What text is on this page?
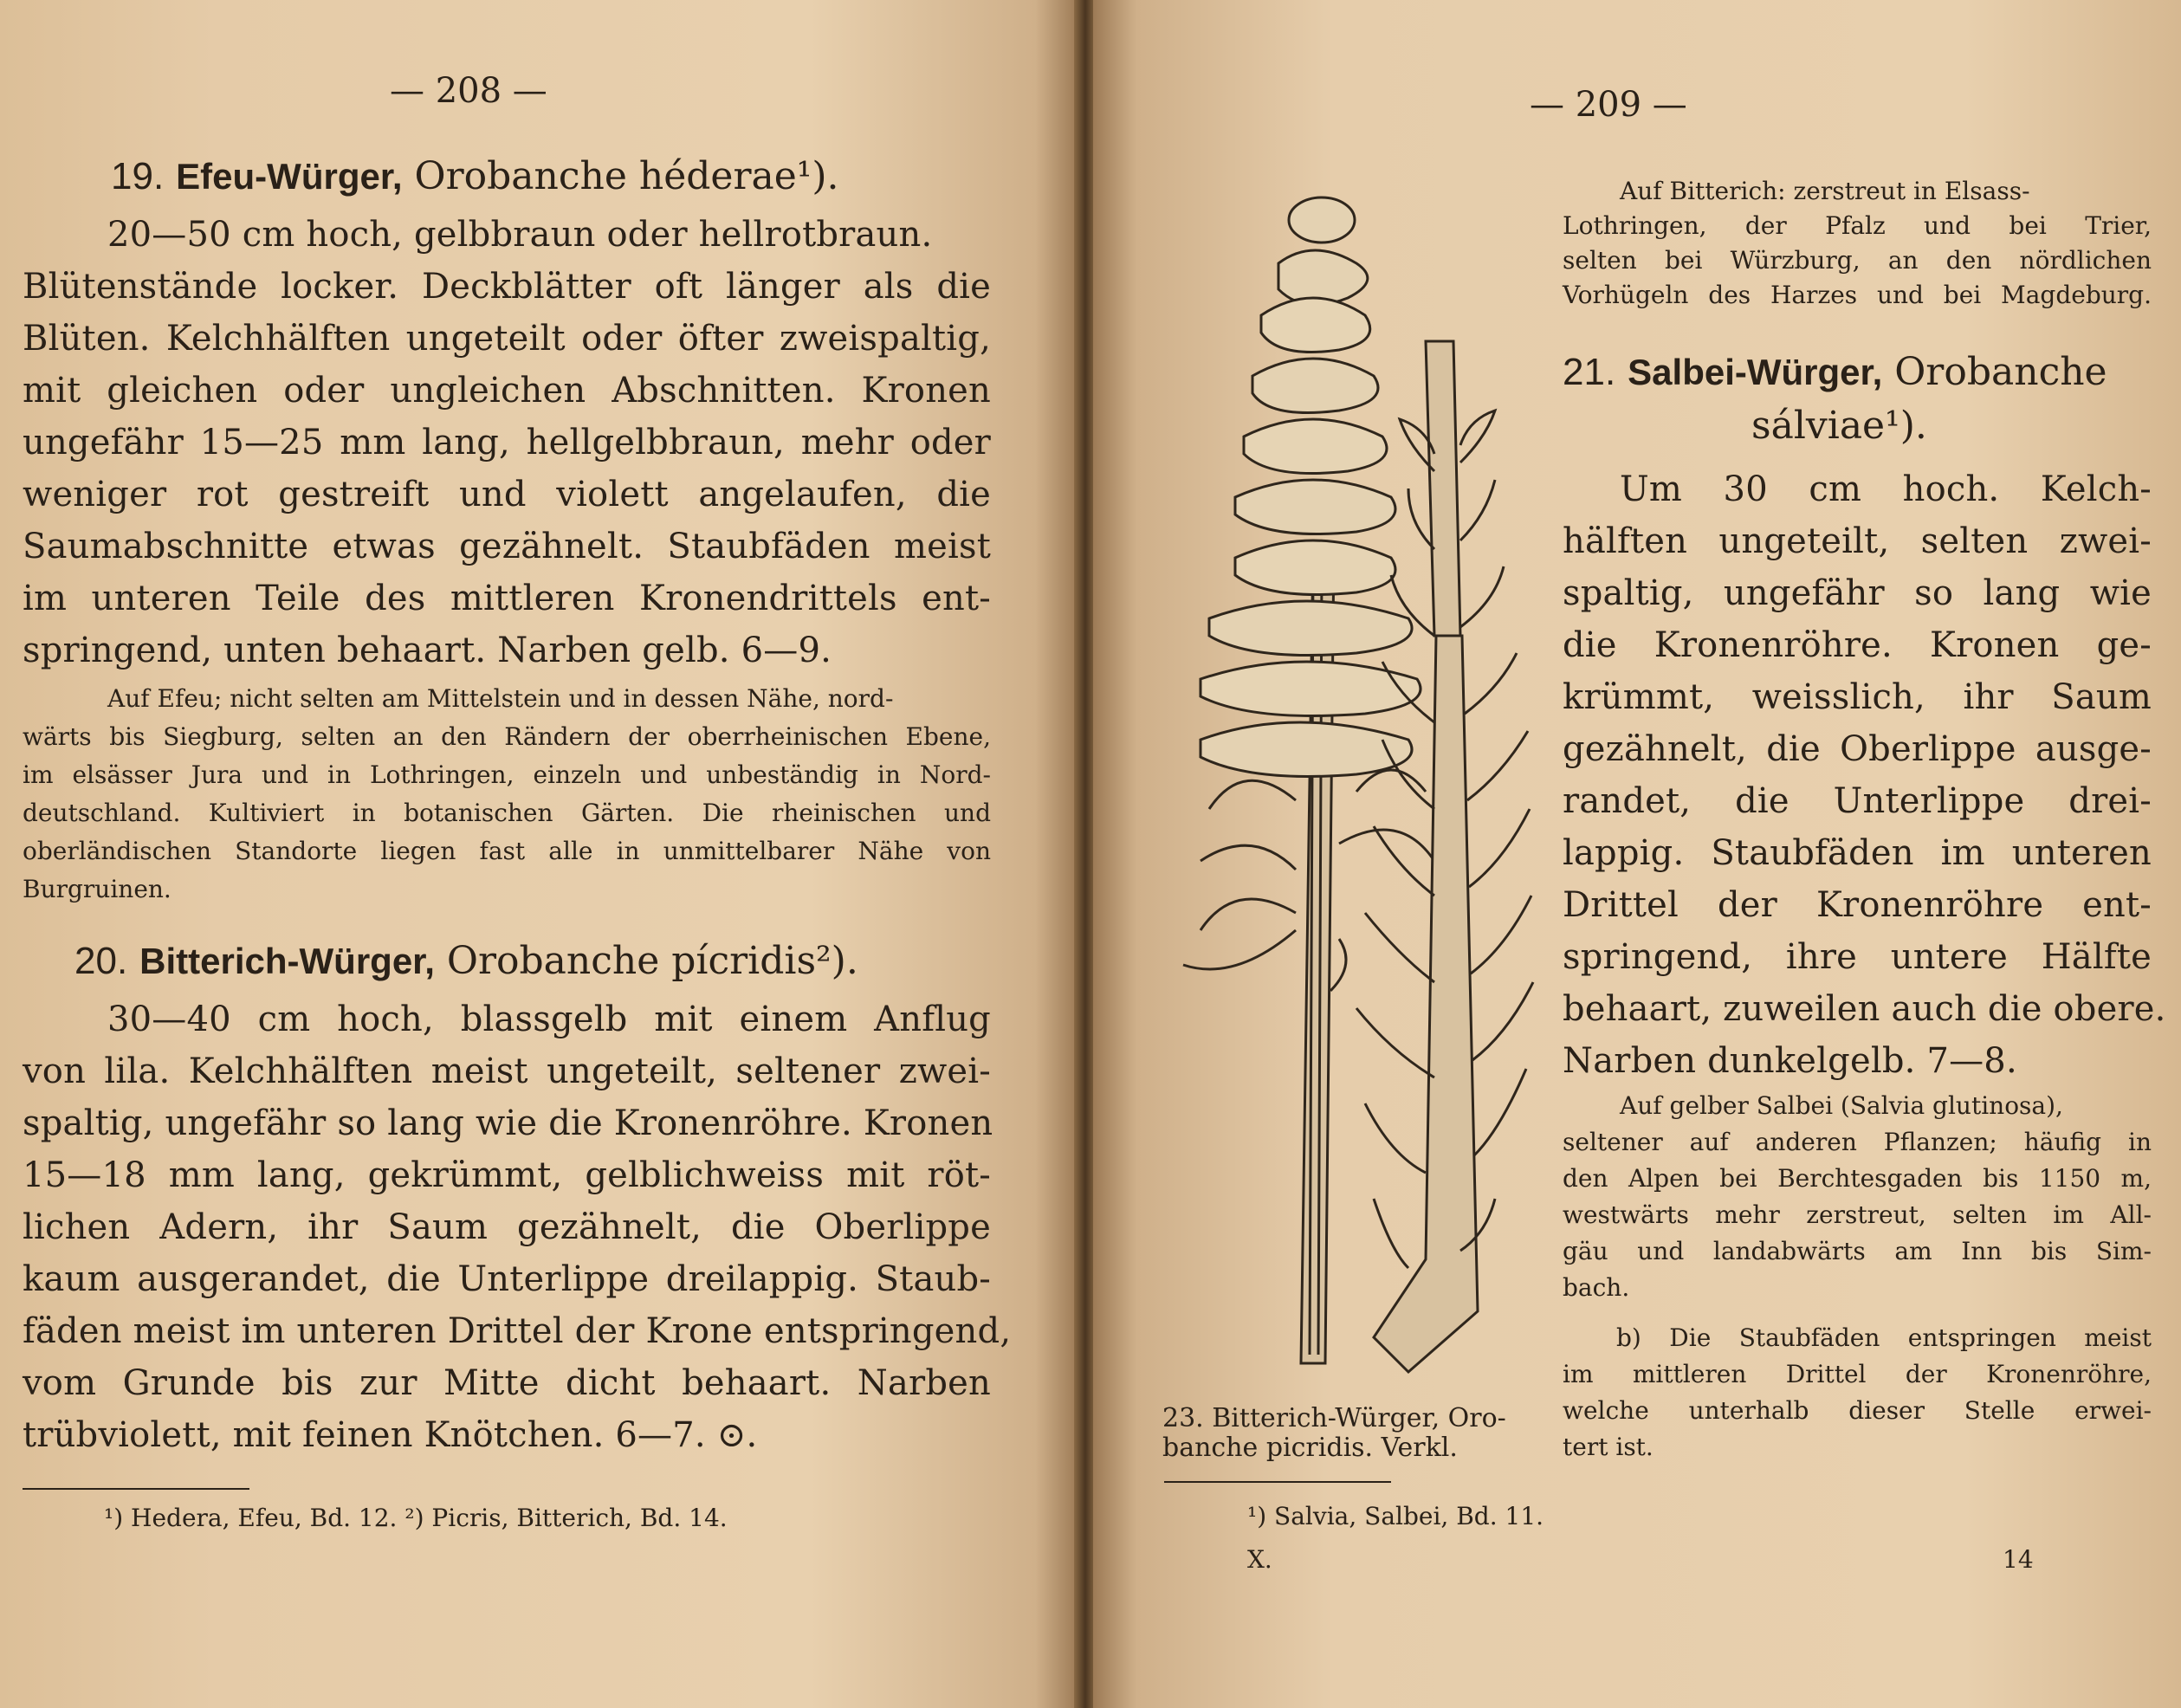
— 208 —
19. Efeu-Würger, Orobanche héderae¹).
20—50 cm hoch, gelbbraun oder hellrotbraun.
Blütenstände locker. Deckblätter oft länger als die
Blüten. Kelchhälften ungeteilt oder öfter zweispaltig,
mit gleichen oder ungleichen Abschnitten. Kronen
ungefähr 15—25 mm lang, hellgelbbraun, mehr oder
weniger rot gestreift und violett angelaufen, die
Saumabschnitte etwas gezähnelt. Staubfäden meist
im unteren Teile des mittleren Kronendrittels ent-
springend, unten behaart. Narben gelb. 6—9.
Auf Efeu; nicht selten am Mittelstein und in dessen Nähe, nord-
wärts bis Siegburg, selten an den Rändern der oberrheinischen Ebene,
im elsässer Jura und in Lothringen, einzeln und unbeständig in Nord-
deutschland. Kultiviert in botanischen Gärten. Die rheinischen und
oberländischen Standorte liegen fast alle in unmittelbarer Nähe von
Burgruinen.
20. Bitterich-Würger, Orobanche pícridis²).
30—40 cm hoch, blassgelb mit einem Anflug
von lila. Kelchhälften meist ungeteilt, seltener zwei-
spaltig, ungefähr so lang wie die Kronenröhre. Kronen
15—18 mm lang, gekrümmt, gelblichweiss mit röt-
lichen Adern, ihr Saum gezähnelt, die Oberlippe
kaum ausgerandet, die Unterlippe dreilappig. Staub-
fäden meist im unteren Drittel der Krone entspringend,
vom Grunde bis zur Mitte dicht behaart. Narben
trübviolett, mit feinen Knötchen. 6—7. ⊙.
¹) Hedera, Efeu, Bd. 12. ²) Picris, Bitterich, Bd. 14.
— 209 —
Auf Bitterich: zerstreut in Elsass-
Lothringen, der Pfalz und bei Trier,
selten bei Würzburg, an den nördlichen
Vorhügeln des Harzes und bei Magdeburg.
21. Salbei-Würger, Orobanche
sálviae¹).
Um 30 cm hoch. Kelch-
hälften ungeteilt, selten zwei-
spaltig, ungefähr so lang wie
die Kronenröhre. Kronen ge-
krümmt, weisslich, ihr Saum
gezähnelt, die Oberlippe ausge-
randet, die Unterlippe drei-
lappig. Staubfäden im unteren
Drittel der Kronenröhre ent-
springend, ihre untere Hälfte
behaart, zuweilen auch die obere.
Narben dunkelgelb. 7—8.
Auf gelber Salbei (Salvia glutinosa),
seltener auf anderen Pflanzen; häufig in
den Alpen bei Berchtesgaden bis 1150 m,
westwärts mehr zerstreut, selten im All-
gäu und landabwärts am Inn bis Sim-
bach.
b) Die Staubfäden entspringen meist
im mittleren Drittel der Kronenröhre,
welche unterhalb dieser Stelle erwei-
tert ist.
23. Bitterich-Würger, Oro-
banche picridis. Verkl.
¹) Salvia, Salbei, Bd. 11.
X.	14
